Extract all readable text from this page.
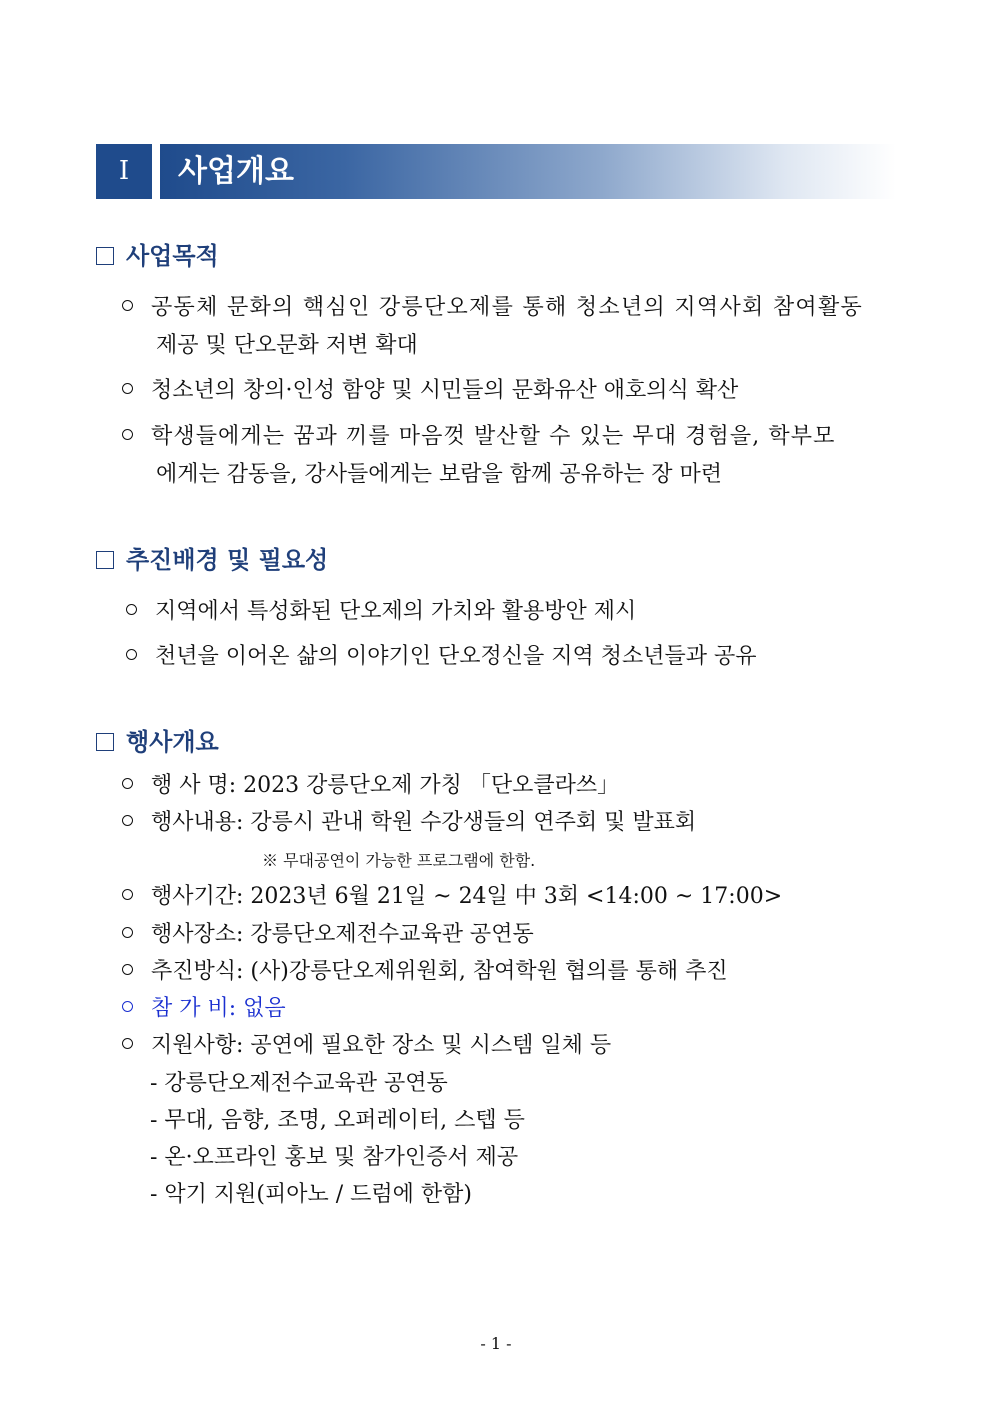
Ⅰ	사업개요
사업목적
공동체 문화의 핵심인 강릉단오제를 통해 청소년의 지역사회 참여활동
제공 및 단오문화 저변 확대
청소년의 창의·인성 함양 및 시민들의 문화유산 애호의식 확산
학생들에게는 꿈과 끼를 마음껏 발산할 수 있는 무대 경험을, 학부모
에게는 감동을, 강사들에게는 보람을 함께 공유하는 장 마련
추진배경 및 필요성
지역에서 특성화된 단오제의 가치와 활용방안 제시
천년을 이어온 삶의 이야기인 단오정신을 지역 청소년들과 공유
행사개요
행 사 명: 2023 강릉단오제 가칭 「단오클라쓰」
행사내용: 강릉시 관내 학원 수강생들의 연주회 및 발표회
※ 무대공연이 가능한 프로그램에 한함.
행사기간: 2023년 6월 21일 ~ 24일 中 3회 <14:00 ~ 17:00>
행사장소: 강릉단오제전수교육관 공연동
추진방식: (사)강릉단오제위원회, 참여학원 협의를 통해 추진
참 가 비: 없음
지원사항: 공연에 필요한 장소 및 시스템 일체 등
- 강릉단오제전수교육관 공연동
- 무대, 음향, 조명, 오퍼레이터, 스텝 등
- 온·오프라인 홍보 및 참가인증서 제공
- 악기 지원(피아노 / 드럼에 한함)
- 1 -
